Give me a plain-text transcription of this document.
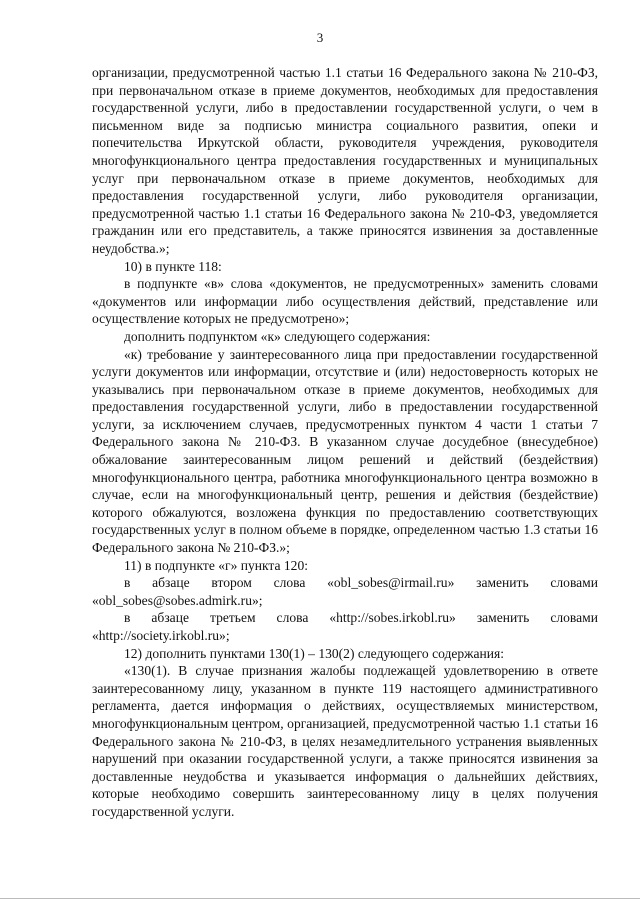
3

организации, предусмотренной частью 1.1 статьи 16 Федерального закона № 210-ФЗ, при первоначальном отказе в приеме документов, необходимых для предоставления государственной услуги, либо в предоставлении государственной услуги, о чем в письменном виде за подписью министра социального развития, опеки и попечительства Иркутской области, руководителя учреждения, руководителя многофункционального центра предоставления государственных и муниципальных услуг при первоначальном отказе в приеме документов, необходимых для предоставления государственной услуги, либо руководителя организации, предусмотренной частью 1.1 статьи 16 Федерального закона № 210-ФЗ, уведомляется гражданин или его представитель, а также приносятся извинения за доставленные неудобства.»;

10) в пункте 118:

в подпункте «в» слова «документов, не предусмотренных» заменить словами «документов или информации либо осуществления действий, представление или осуществление которых не предусмотрено»;

дополнить подпунктом «к» следующего содержания:

«к) требование у заинтересованного лица при предоставлении государственной услуги документов или информации, отсутствие и (или) недостоверность которых не указывались при первоначальном отказе в приеме документов, необходимых для предоставления государственной услуги, либо в предоставлении государственной услуги, за исключением случаев, предусмотренных пунктом 4 части 1 статьи 7 Федерального закона № 210-ФЗ. В указанном случае досудебное (внесудебное) обжалование заинтересованным лицом решений и действий (бездействия) многофункционального центра, работника многофункционального центра возможно в случае, если на многофункциональный центр, решения и действия (бездействие) которого обжалуются, возложена функция по предоставлению соответствующих государственных услуг в полном объеме в порядке, определенном частью 1.3 статьи 16 Федерального закона № 210-ФЗ.»;

11) в подпункте «г» пункта 120:

в абзаце втором слова «obl_sobes@irmail.ru» заменить словами «obl_sobes@sobes.admirk.ru»;

в абзаце третьем слова «http://sobes.irkobl.ru» заменить словами «http://society.irkobl.ru»;

12) дополнить пунктами 130(1) – 130(2) следующего содержания:

«130(1). В случае признания жалобы подлежащей удовлетворению в ответе заинтересованному лицу, указанном в пункте 119 настоящего административного регламента, дается информация о действиях, осуществляемых министерством, многофункциональным центром, организацией, предусмотренной частью 1.1 статьи 16 Федерального закона № 210-ФЗ, в целях незамедлительного устранения выявленных нарушений при оказании государственной услуги, а также приносятся извинения за доставленные неудобства и указывается информация о дальнейших действиях, которые необходимо совершить заинтересованному лицу в целях получения государственной услуги.
